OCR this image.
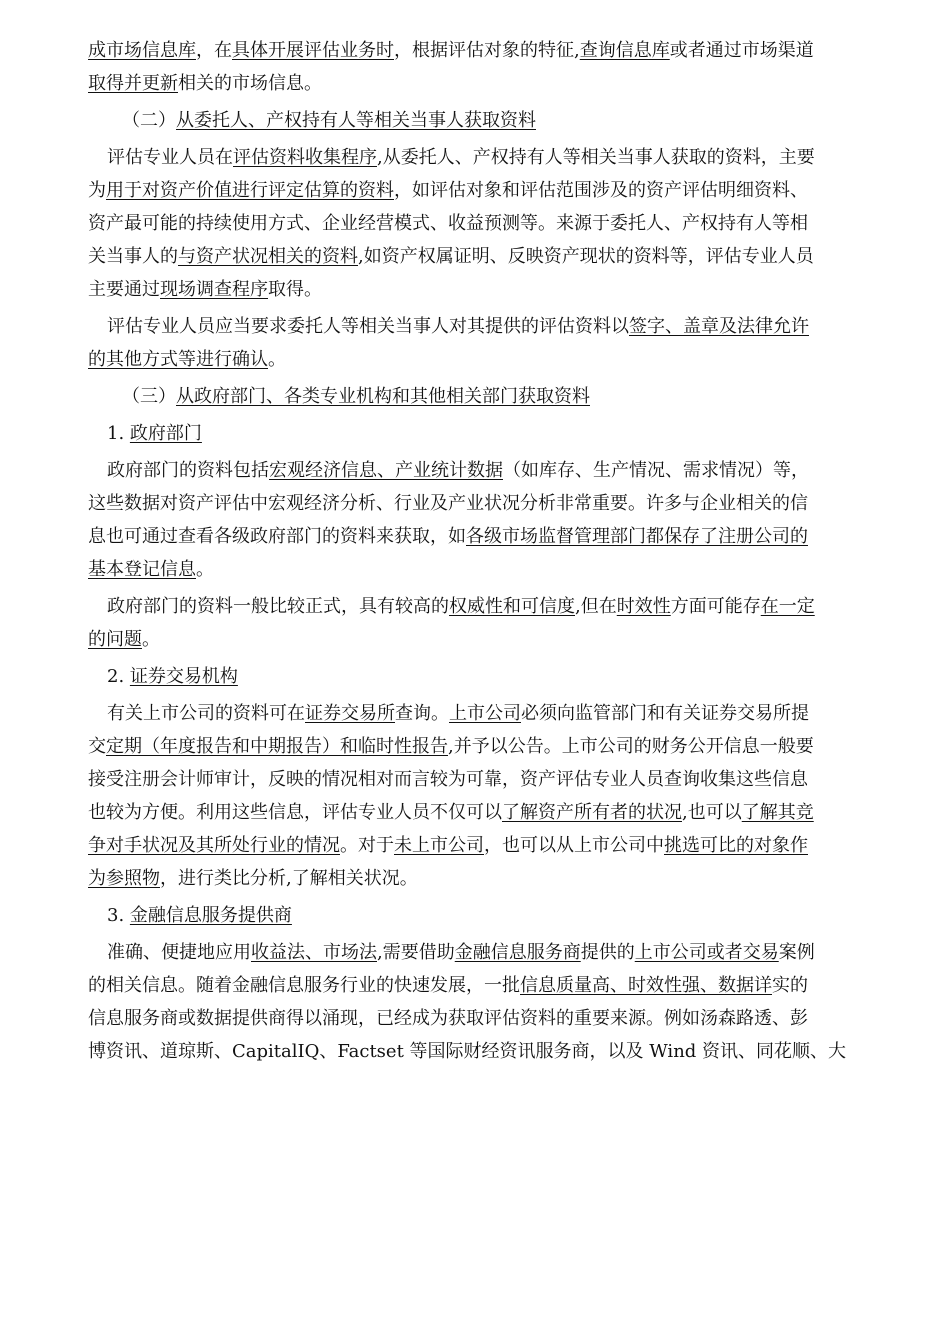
成市场信息库，在具体开展评估业务时，根据评估对象的特征,查询信息库或者通过市场渠道
取得并更新相关的市场信息。
（二）从委托人、产权持有人等相关当事人获取资料
评估专业人员在评估资料收集程序,从委托人、产权持有人等相关当事人获取的资料，主要
为用于对资产价值进行评定估算的资料，如评估对象和评估范围涉及的资产评估明细资料、
资产最可能的持续使用方式、企业经营模式、收益预测等。来源于委托人、产权持有人等相
关当事人的与资产状况相关的资料,如资产权属证明、反映资产现状的资料等，评估专业人员
主要通过现场调查程序取得。
评估专业人员应当要求委托人等相关当事人对其提供的评估资料以签字、盖章及法律允许
的其他方式等进行确认。
（三）从政府部门、各类专业机构和其他相关部门获取资料
1. 政府部门
政府部门的资料包括宏观经济信息、产业统计数据（如库存、生产情况、需求情况）等，
这些数据对资产评估中宏观经济分析、行业及产业状况分析非常重要。许多与企业相关的信
息也可通过查看各级政府部门的资料来获取，如各级市场监督管理部门都保存了注册公司的
基本登记信息。
政府部门的资料一般比较正式，具有较高的权威性和可信度,但在时效性方面可能存在一定
的问题。
2. 证券交易机构
有关上市公司的资料可在证券交易所查询。上市公司必须向监管部门和有关证券交易所提
交定期（年度报告和中期报告）和临时性报告,并予以公告。上市公司的财务公开信息一般要
接受注册会计师审计，反映的情况相对而言较为可靠，资产评估专业人员查询收集这些信息
也较为方便。利用这些信息，评估专业人员不仅可以了解资产所有者的状况,也可以了解其竞
争对手状况及其所处行业的情况。对于未上市公司，也可以从上市公司中挑选可比的对象作
为参照物，进行类比分析,了解相关状况。
3. 金融信息服务提供商
准确、便捷地应用收益法、市场法,需要借助金融信息服务商提供的上市公司或者交易案例
的相关信息。随着金融信息服务行业的快速发展，一批信息质量高、时效性强、数据详实的
信息服务商或数据提供商得以涌现，已经成为获取评估资料的重要来源。例如汤森路透、彭
博资讯、道琼斯、CapitalIQ、Factset 等国际财经资讯服务商，以及 Wind 资讯、同花顺、大
